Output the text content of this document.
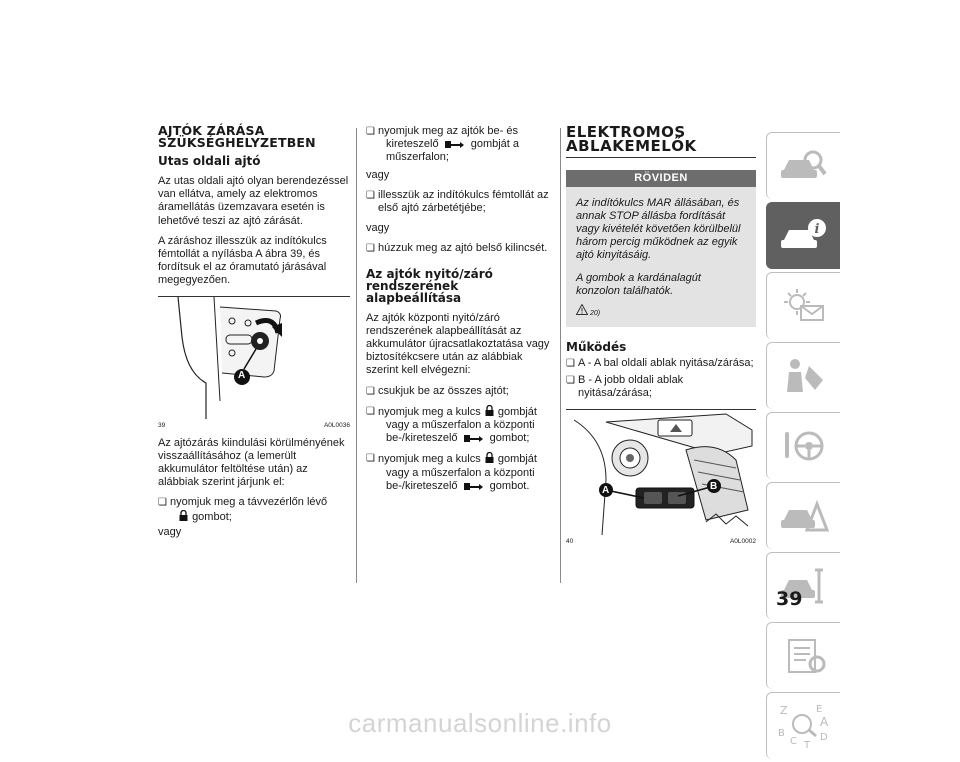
AJTÓK ZÁRÁSA SZÜKSÉGHELYZETBEN
Utas oldali ajtó

Az utas oldali ajtó olyan berendezéssel van ellátva, amely az elektromos áramellátás üzemzavara esetén is lehetővé teszi az ajtó zárását.

A záráshoz illesszük az indítókulcs fémtollát a nyílásba A ábra 39, és fordítsuk el az óramutató járásával megegyezően.

A
39	A0L0036

Az ajtózárás kiindulási körülményének visszaállításához (a lemerült akkumulátor feltöltése után) az alábbiak szerint járjunk el:

❏ nyomjuk meg a távvezérlőn lévő
gombot;

vagy

❏ nyomjuk meg az ajtók be- és
kireteszelő	gombját a
műszerfalon;

vagy

❏ illesszük az indítókulcs fémtollát az első ajtó zárbetétjébe;

vagy

❏ húzzuk meg az ajtó belső kilincsét.

Az ajtók nyitó/záró rendszerének alapbeállítása

Az ajtók központi nyitó/záró rendszerének alapbeállítását az akkumulátor újracsatlakoztatása vagy biztosítékcsere után az alábbiak szerint kell elvégezni:

❏ csukjuk be az összes ajtót;

❏ nyomjuk meg a kulcs gombját
vagy a műszerfalon a központi
be-/kireteszelő	gombot;

❏ nyomjuk meg a kulcs gombját
vagy a műszerfalon a központi
be-/kireteszelő	gombot.

ELEKTROMOS ABLAKEMELŐK
RÖVIDEN

Az indítókulcs MAR állásában, és annak STOP állásba fordítását vagy kivételét követően körülbelül három percig működnek az egyik ajtó kinyitásáig.

A gombok a kardánalagút konzolon találhatók.

20)
Működés

❏ A - A bal oldali ablak nyitása/zárása;

❏ B - A jobb oldali ablak nyitása/zárása;

A	B
40	A0L0002
i
Z	E
A
B
C T
D
39
carmanualsonline.info
